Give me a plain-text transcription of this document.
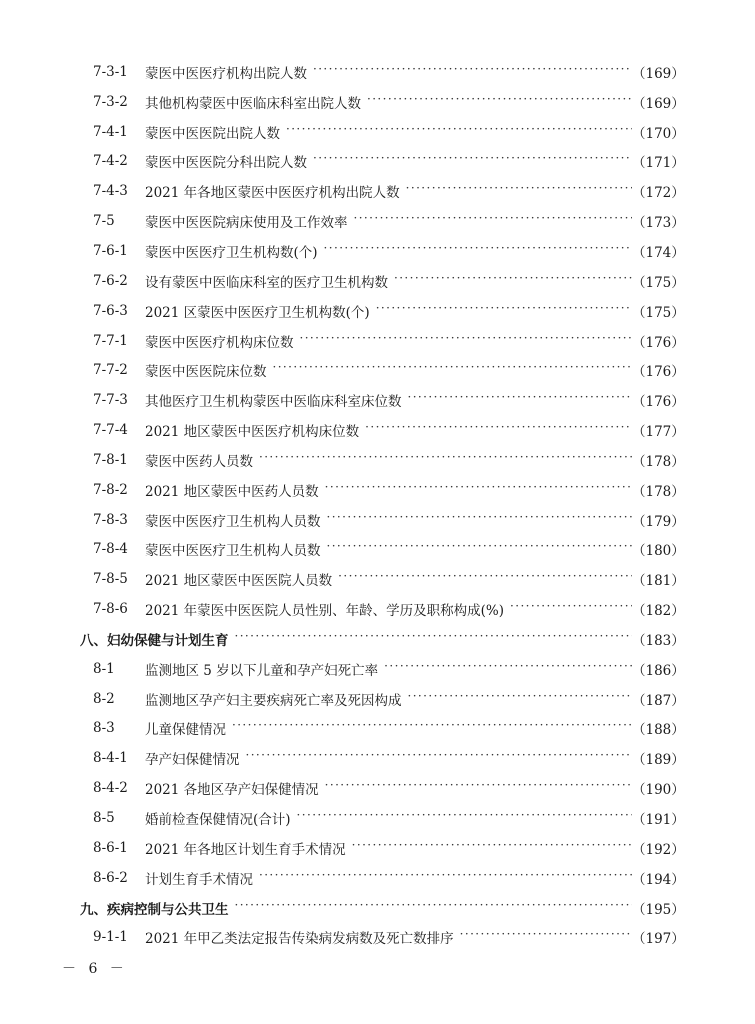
7-3-1	蒙医中医医疗机构出院人数 ·····	（169）
7-3-2	其他机构蒙医中医临床科室出院人数 ·····	（169）
7-4-1	蒙医中医医院出院人数 ·····	（170）
7-4-2	蒙医中医医院分科出院人数 ·····	（171）
7-4-3	2021 年各地区蒙医中医医疗机构出院人数 ·····	（172）
7-5	蒙医中医医院病床使用及工作效率 ·····	（173）
7-6-1	蒙医中医医疗卫生机构数(个) ·····	（174）
7-6-2	设有蒙医中医临床科室的医疗卫生机构数 ·····	（175）
7-6-3	2021 区蒙医中医医疗卫生机构数(个) ·····	（175）
7-7-1	蒙医中医医疗机构床位数 ·····	（176）
7-7-2	蒙医中医医院床位数 ·····	（176）
7-7-3	其他医疗卫生机构蒙医中医临床科室床位数 ·····	（176）
7-7-4	2021 地区蒙医中医医疗机构床位数 ·····	（177）
7-8-1	蒙医中医药人员数 ·····	（178）
7-8-2	2021 地区蒙医中医药人员数 ·····	（178）
7-8-3	蒙医中医医疗卫生机构人员数 ·····	（179）
7-8-4	蒙医中医医疗卫生机构人员数 ·····	（180）
7-8-5	2021 地区蒙医中医医院人员数 ·····	（181）
7-8-6	2021 年蒙医中医医院人员性别、年龄、学历及职称构成(%) ·····	（182）
八、妇幼保健与计划生育 ·····	（183）
8-1	监测地区 5 岁以下儿童和孕产妇死亡率 ·····	（186）
8-2	监测地区孕产妇主要疾病死亡率及死因构成 ·····	（187）
8-3	儿童保健情况 ·····	（188）
8-4-1	孕产妇保健情况 ·····	（189）
8-4-2	2021 各地区孕产妇保健情况 ·····	（190）
8-5	婚前检查保健情况(合计) ·····	（191）
8-6-1	2021 年各地区计划生育手术情况 ·····	（192）
8-6-2	计划生育手术情况 ·····	（194）
九、疾病控制与公共卫生 ·····	（195）
9-1-1	2021 年甲乙类法定报告传染病发病数及死亡数排序 ·····	（197）
－ 6 －
